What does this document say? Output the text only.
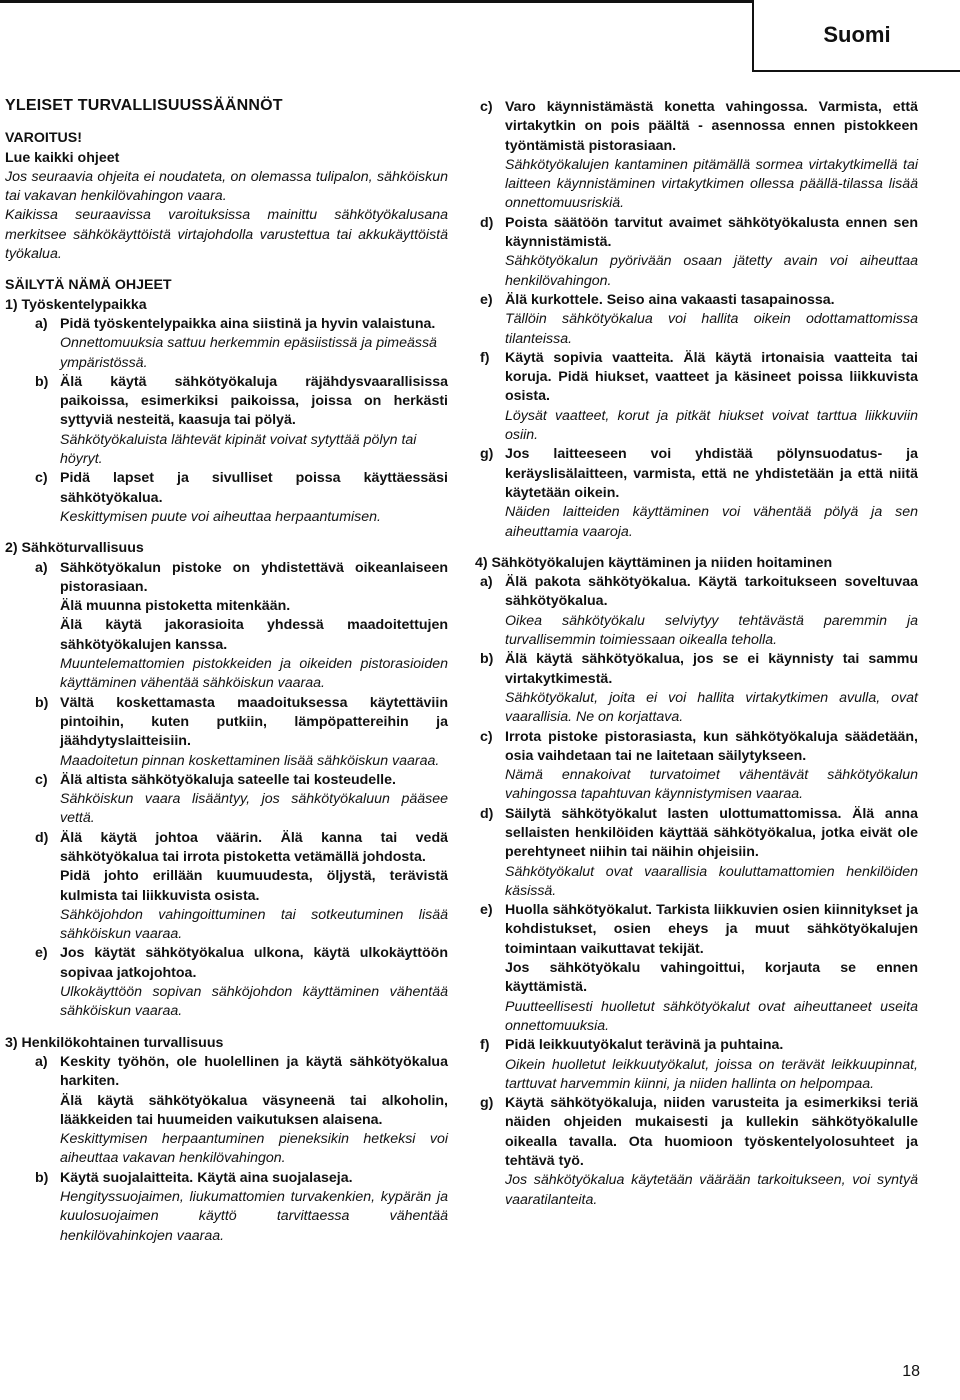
Suomi
YLEISET TURVALLISUUSSÄÄNNÖT

VAROITUS!

Lue kaikki ohjeet

Jos seuraavia ohjeita ei noudateta, on olemassa tulipalon, sähköiskun tai vakavan henkilövahingon vaara.

Kaikissa seuraavissa varoituksissa mainittu sähkötyökalusana merkitsee sähkökäyttöistä virtajohdolla varustettua tai akkukäyttöistä työkalua.

SÄILYTÄ NÄMÄ OHJEET

1) Työskentelypaikka

a) Pidä työskentelypaikka aina siistinä ja hyvin valaistuna.

Onnettomuuksia sattuu herkemmin epäsiistissä ja pimeässä ympäristössä.

b) Älä käytä sähkötyökaluja räjähdysvaarallisissa paikoissa, esimerkiksi paikoissa, joissa on herkästi syttyviä nesteitä, kaasuja tai pölyä.

Sähkötyökaluista lähtevät kipinät voivat sytyttää pölyn tai höyryt.

c) Pidä lapset ja sivulliset poissa käyttäessäsi sähkötyökalua.

Keskittymisen puute voi aiheuttaa herpaantumisen.

2) Sähköturvallisuus

a) Sähkötyökalun pistoke on yhdistettävä oikeanlaiseen pistorasiaan.

Älä muunna pistoketta mitenkään.

Älä käytä jakorasioita yhdessä maadoitettujen sähkötyökalujen kanssa.

Muuntelemattomien pistokkeiden ja oikeiden pistorasioiden käyttäminen vähentää sähköiskun vaaraa.

b) Vältä koskettamasta maadoituksessa käytettäviin pintoihin, kuten putkiin, lämpöpattereihin ja jäähdytyslaitteisiin.

Maadoitetun pinnan koskettaminen lisää sähköiskun vaaraa.

c) Älä altista sähkötyökaluja sateelle tai kosteudelle.

Sähköiskun vaara lisääntyy, jos sähkötyökaluun pääsee vettä.

d) Älä käytä johtoa väärin. Älä kanna tai vedä sähkötyökalua tai irrota pistoketta vetämällä johdosta.

Pidä johto erillään kuumuudesta, öljystä, terävistä kulmista tai liikkuvista osista.

Sähköjohdon vahingoittuminen tai sotkeutuminen lisää sähköiskun vaaraa.

e) Jos käytät sähkötyökalua ulkona, käytä ulkokäyttöön sopivaa jatkojohtoa.

Ulkokäyttöön sopivan sähköjohdon käyttäminen vähentää sähköiskun vaaraa.

3) Henkilökohtainen turvallisuus

a) Keskity työhön, ole huolellinen ja käytä sähkötyökalua harkiten.

Älä käytä sähkötyökalua väsyneenä tai alkoholin, lääkkeiden tai huumeiden vaikutuksen alaisena.

Keskittymisen herpaantuminen pieneksikin hetkeksi voi aiheuttaa vakavan henkilövahingon.

b) Käytä suojalaitteita. Käytä aina suojalaseja.

Hengityssuojaimen, liukumattomien turvakenkien, kypärän ja kuulosuojaimen käyttö tarvittaessa vähentää henkilövahinkojen vaaraa.

c) Varo käynnistämästä konetta vahingossa. Varmista, että virtakytkin on pois päältä - asennossa ennen pistokkeen työntämistä pistorasiaan.

Sähkötyökalujen kantaminen pitämällä sormea virtakytkimellä tai laitteen käynnistäminen virtakytkimen ollessa päällä-tilassa lisää onnettomuusriskiä.

d) Poista säätöön tarvitut avaimet sähkötyökalusta ennen sen käynnistämistä.

Sähkötyökalun pyörivään osaan jätetty avain voi aiheuttaa henkilövahingon.

e) Älä kurkottele. Seiso aina vakaasti tasapainossa.

Tällöin sähkötyökalua voi hallita oikein odottamattomissa tilanteissa.

f)	Käytä sopivia vaatteita. Älä käytä irtonaisia vaatteita tai koruja. Pidä hiukset, vaatteet ja käsineet poissa liikkuvista osista.

Löysät vaatteet, korut ja pitkät hiukset voivat tarttua liikkuviin osiin.

g) Jos laitteeseen voi yhdistää pölynsuodatus- ja keräyslisälaitteen, varmista, että ne yhdistetään ja että niitä käytetään oikein.

Näiden laitteiden käyttäminen voi vähentää pölyä ja sen aiheuttamia vaaroja.

4) Sähkötyökalujen käyttäminen ja niiden hoitaminen

a) Älä pakota sähkötyökalua. Käytä tarkoitukseen soveltuvaa sähkötyökalua.

Oikea sähkötyökalu selviytyy tehtävästä paremmin ja turvallisemmin toimiessaan oikealla teholla.

b) Älä käytä sähkötyökalua, jos se ei käynnisty tai sammu virtakytkimestä.

Sähkötyökalut, joita ei voi hallita virtakytkimen avulla, ovat vaarallisia. Ne on korjattava.

c) Irrota pistoke pistorasiasta, kun sähkötyökaluja säädetään, osia vaihdetaan tai ne laitetaan säilytykseen.

Nämä ennakoivat turvatoimet vähentävät sähkötyökalun vahingossa tapahtuvan käynnistymisen vaaraa.

d) Säilytä sähkötyökalut lasten ulottumattomissa. Älä anna sellaisten henkilöiden käyttää sähkötyökalua, jotka eivät ole perehtyneet niihin tai näihin ohjeisiin.

Sähkötyökalut ovat vaarallisia kouluttamattomien henkilöiden käsissä.

e) Huolla sähkötyökalut. Tarkista liikkuvien osien kiinnitykset ja kohdistukset, osien eheys ja muut sähkötyökalujen toimintaan vaikuttavat tekijät.

Jos sähkötyökalu vahingoittui, korjauta se ennen käyttämistä.

Puutteellisesti huolletut sähkötyökalut ovat aiheuttaneet useita onnettomuuksia.

f)	Pidä leikkuutyökalut terävinä ja puhtaina.

Oikein huolletut leikkuutyökalut, joissa on terävät leikkuupinnat, tarttuvat harvemmin kiinni, ja niiden hallinta on helpompaa.

g) Käytä sähkötyökaluja, niiden varusteita ja esimerkiksi teriä näiden ohjeiden mukaisesti ja kullekin sähkötyökalulle oikealla tavalla. Ota huomioon työskentelyolosuhteet ja tehtävä työ.

Jos sähkötyökalua käytetään väärään tarkoitukseen, voi syntyä vaaratilanteita.

18
